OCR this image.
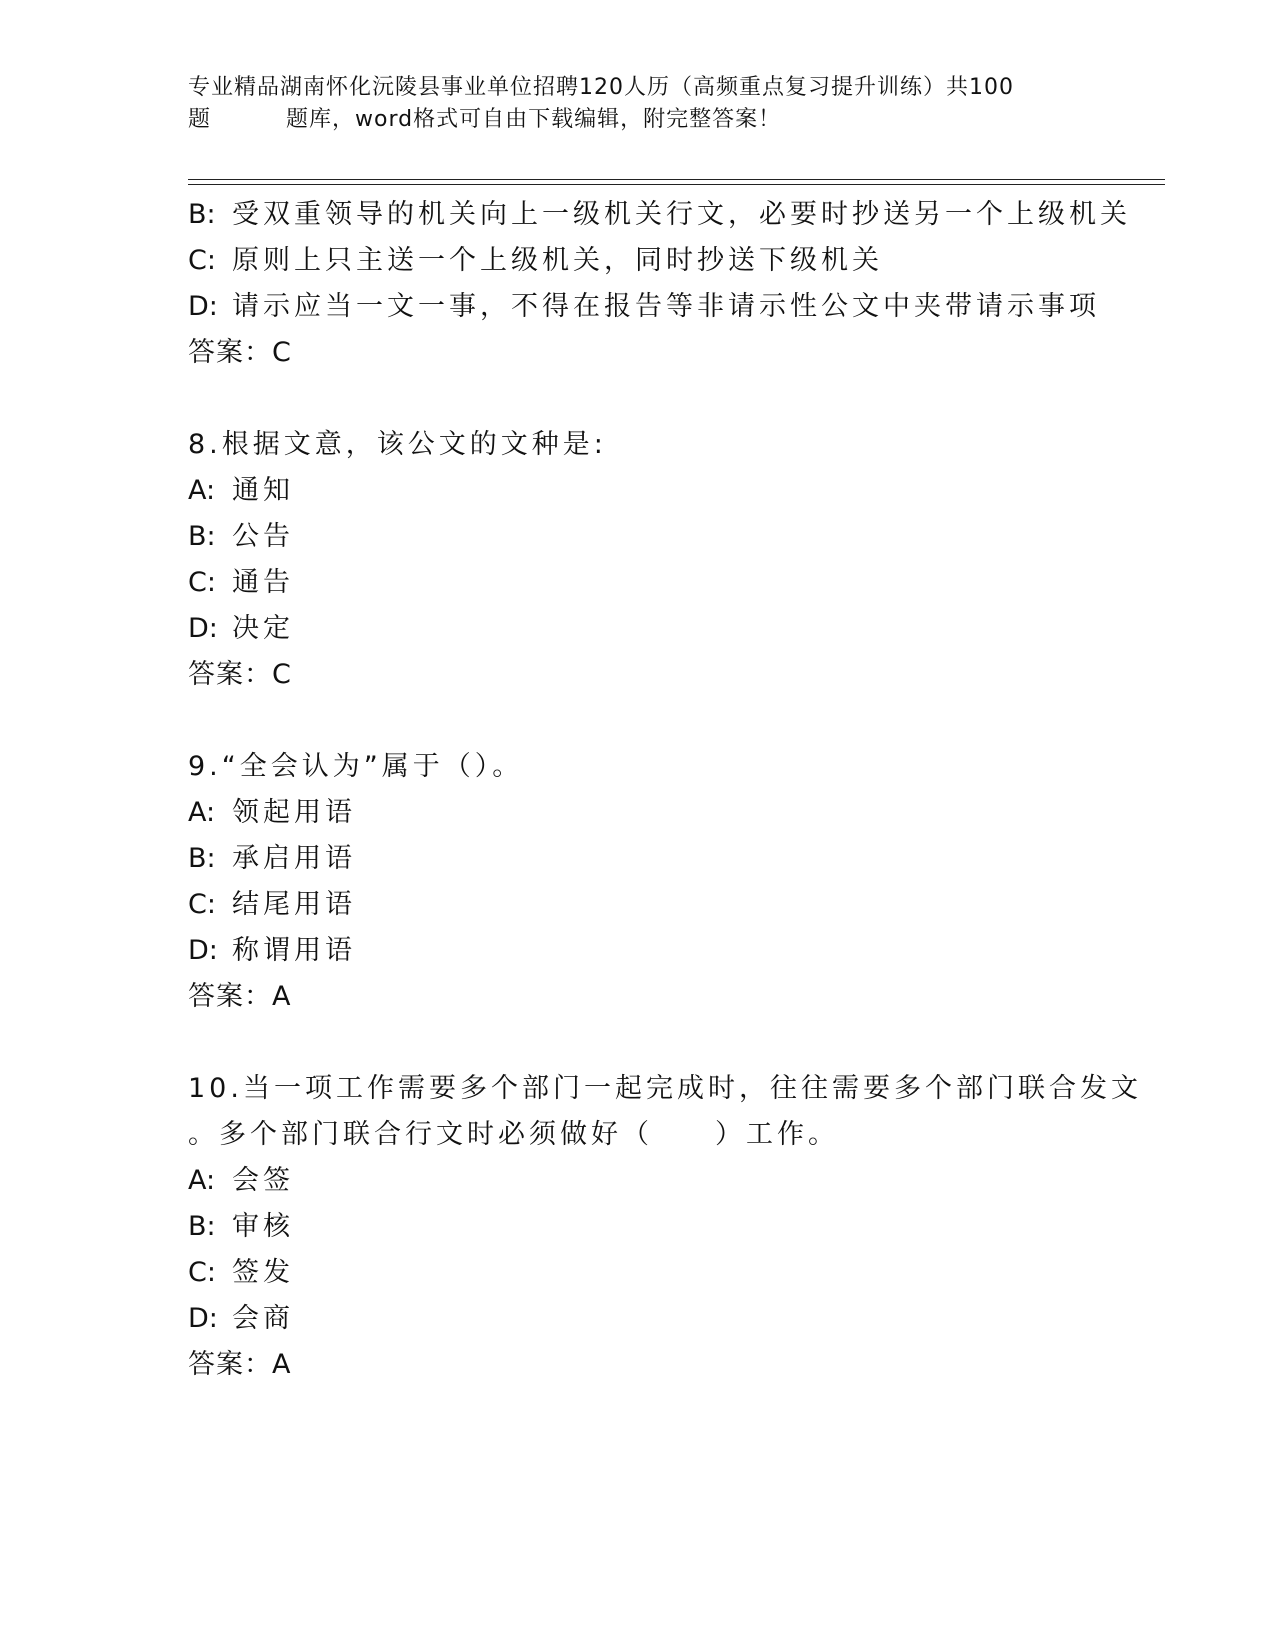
专业精品湖南怀化沅陵县事业单位招聘120人历（高频重点复习提升训练）共100
题	题库，word格式可自由下载编辑，附完整答案！
B: 受双重领导的机关向上一级机关行文，必要时抄送另一个上级机关
C: 原则上只主送一个上级机关，同时抄送下级机关
D: 请示应当一文一事，不得在报告等非请示性公文中夹带请示事项
答案：C
8.根据文意，该公文的文种是:
A: 通知
B: 公告
C: 通告
D: 决定
答案：C
9.“全会认为”属于（）。
A: 领起用语
B: 承启用语
C: 结尾用语
D: 称谓用语
答案：A
10.当一项工作需要多个部门一起完成时，往往需要多个部门联合发文
。多个部门联合行文时必须做好（　　）工作。
A: 会签
B: 审核
C: 签发
D: 会商
答案：A
